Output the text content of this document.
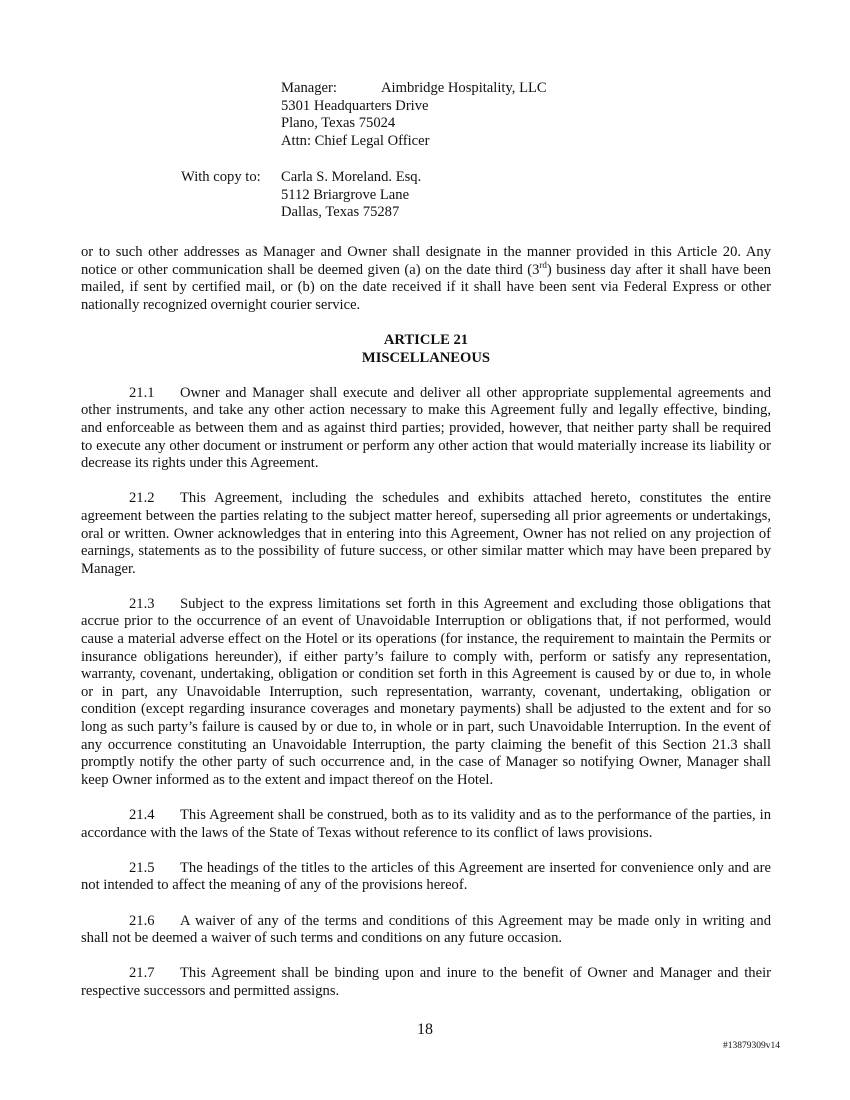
Manager:	Aimbridge Hospitality, LLC
5301 Headquarters Drive
Plano, Texas 75024
Attn: Chief Legal Officer
With copy to: Carla S. Moreland. Esq.
5112 Briargrove Lane
Dallas, Texas 75287

or to such other addresses as Manager and Owner shall designate in the manner provided in this Article 20. Any notice or other communication shall be deemed given (a) on the date third (3rd) business day after it shall have been mailed, if sent by certified mail, or (b) on the date received if it shall have been sent via Federal Express or other nationally recognized overnight courier service.

ARTICLE 21
MISCELLANEOUS

21.1 Owner and Manager shall execute and deliver all other appropriate supplemental agreements and other instruments, and take any other action necessary to make this Agreement fully and legally effective, binding, and enforceable as between them and as against third parties; provided, however, that neither party shall be required to execute any other document or instrument or perform any other action that would materially increase its liability or decrease its rights under this Agreement.

21.2 This Agreement, including the schedules and exhibits attached hereto, constitutes the entire agreement between the parties relating to the subject matter hereof, superseding all prior agreements or undertakings, oral or written. Owner acknowledges that in entering into this Agreement, Owner has not relied on any projection of earnings, statements as to the possibility of future success, or other similar matter which may have been prepared by Manager.

21.3 Subject to the express limitations set forth in this Agreement and excluding those obligations that accrue prior to the occurrence of an event of Unavoidable Interruption or obligations that, if not performed, would cause a material adverse effect on the Hotel or its operations (for instance, the requirement to maintain the Permits or insurance obligations hereunder), if either party’s failure to comply with, perform or satisfy any representation, warranty, covenant, undertaking, obligation or condition set forth in this Agreement is caused by or due to, in whole or in part, any Unavoidable Interruption, such representation, warranty, covenant, undertaking, obligation or condition (except regarding insurance coverages and monetary payments) shall be adjusted to the extent and for so long as such party’s failure is caused by or due to, in whole or in part, such Unavoidable Interruption. In the event of any occurrence constituting an Unavoidable Interruption, the party claiming the benefit of this Section 21.3 shall promptly notify the other party of such occurrence and, in the case of Manager so notifying Owner, Manager shall keep Owner informed as to the extent and impact thereof on the Hotel.

21.4 This Agreement shall be construed, both as to its validity and as to the performance of the parties, in accordance with the laws of the State of Texas without reference to its conflict of laws provisions.

21.5 The headings of the titles to the articles of this Agreement are inserted for convenience only and are not intended to affect the meaning of any of the provisions hereof.

21.6 A waiver of any of the terms and conditions of this Agreement may be made only in writing and shall not be deemed a waiver of such terms and conditions on any future occasion.

21.7 This Agreement shall be binding upon and inure to the benefit of Owner and Manager and their respective successors and permitted assigns.

18
#13879309v14
